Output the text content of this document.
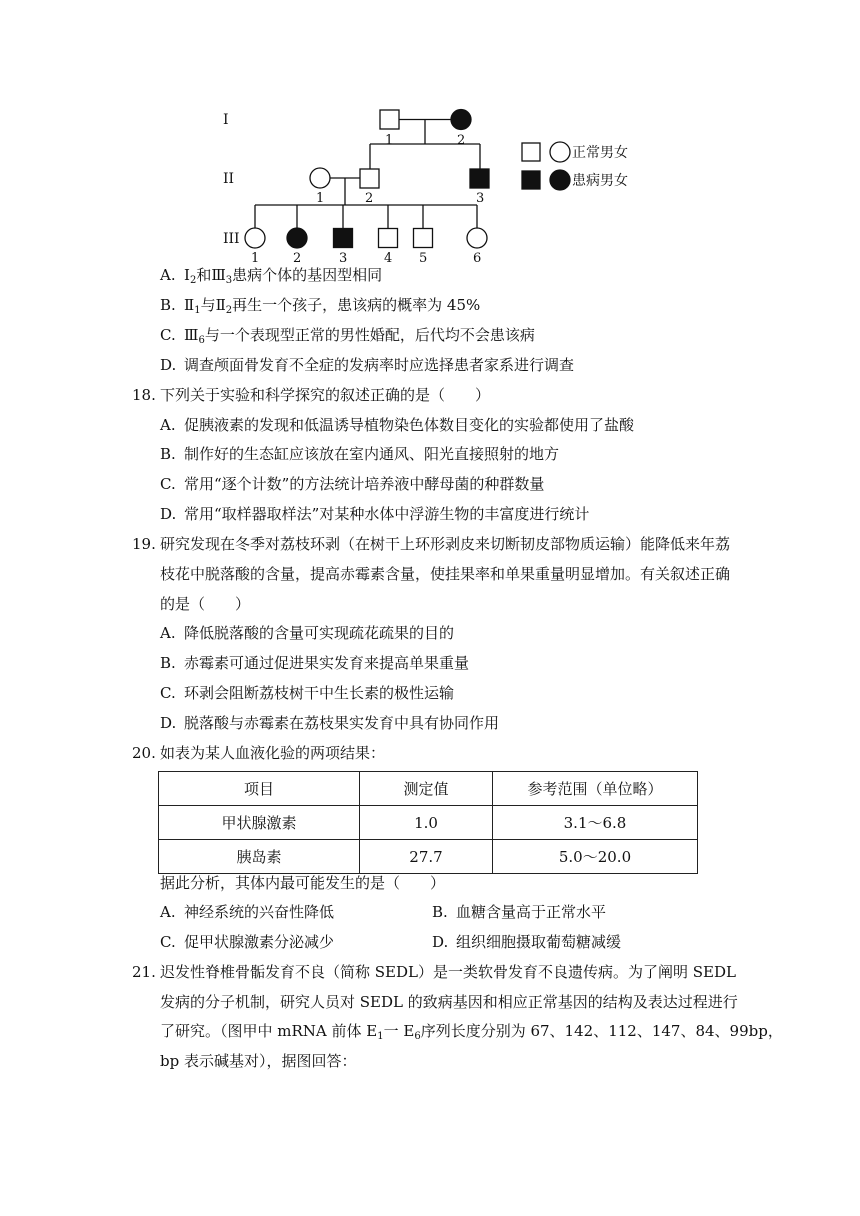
I
II
III
1	2
1	2	3
1	2	3	4 5	6
正常男女
患病男女
A. $Ⅰ_2$和$Ⅲ_3$患病个体的基因型相同
B. $Ⅱ_1$与$Ⅱ_2$再生一个孩子，患该病的概率为 45%
C. $Ⅲ_6$与一个表现型正常的男性婚配，后代均不会患该病
D. 调查颅面骨发育不全症的发病率时应选择患者家系进行调查
18. 下列关于实验和科学探究的叙述正确的是（　　）
A. 促胰液素的发现和低温诱导植物染色体数目变化的实验都使用了盐酸
B. 制作好的生态缸应该放在室内通风、阳光直接照射的地方
C. 常用“逐个计数”的方法统计培养液中酵母菌的种群数量
D. 常用“取样器取样法”对某种水体中浮游生物的丰富度进行统计
19. 研究发现在冬季对荔枝环剥（在树干上环形剥皮来切断韧皮部物质运输）能降低来年荔
枝花中脱落酸的含量，提高赤霉素含量，使挂果率和单果重量明显增加。有关叙述正确
的是（　　）
A. 降低脱落酸的含量可实现疏花疏果的目的
B. 赤霉素可通过促进果实发育来提高单果重量
C. 环剥会阻断荔枝树干中生长素的极性运输
D. 脱落酸与赤霉素在荔枝果实发育中具有协同作用
20. 如表为某人血液化验的两项结果：
项目	测定值	参考范围（单位略）
甲状腺激素	1.0	3.1～6.8
胰岛素	27.7	5.0～20.0
据此分析，其体内最可能发生的是（　　）
A. 神经系统的兴奋性降低	B. 血糖含量高于正常水平
C. 促甲状腺激素分泌减少	D. 组织细胞摄取葡萄糖减缓
21. 迟发性脊椎骨骺发育不良（简称 SEDL）是一类软骨发育不良遗传病。为了阐明 SEDL
发病的分子机制，研究人员对 SEDL 的致病基因和相应正常基因的结构及表达过程进行
了研究。（图甲中 mRNA 前体 $E_1$一 $E_6$序列长度分别为 67、142、112、147、84、99bp，
bp 表示碱基对），据图回答：
